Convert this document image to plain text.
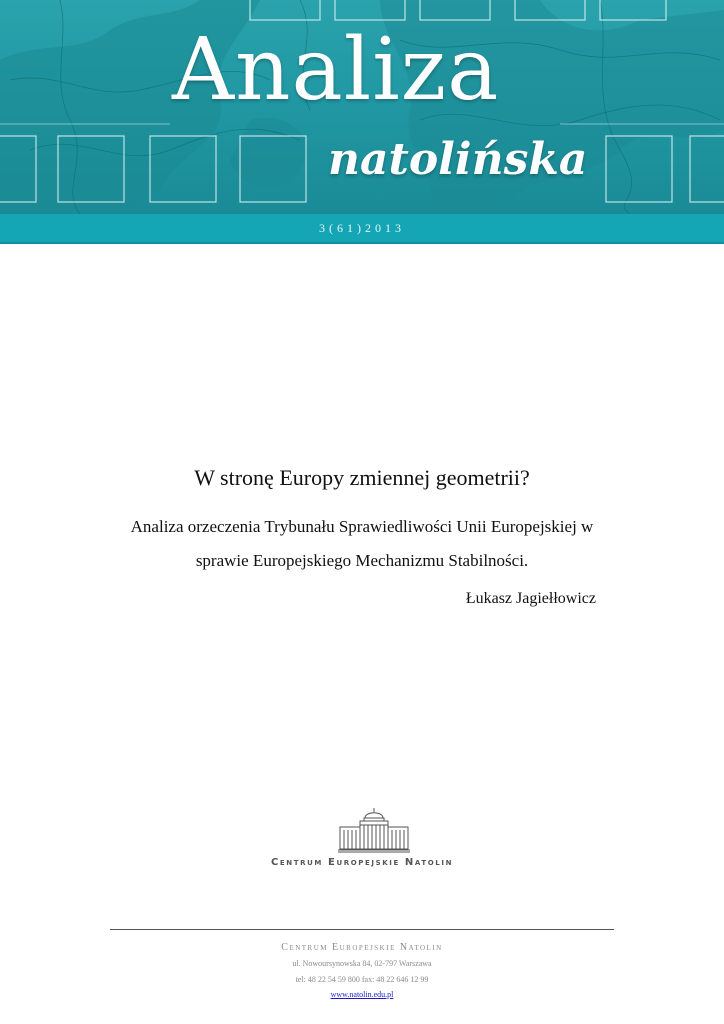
Analiza
natolińska
3(61)2013
W stronę Europy zmiennej geometrii?
Analiza orzeczenia Trybunału Sprawiedliwości Unii Europejskiej w sprawie Europejskiego Mechanizmu Stabilności.
Łukasz Jagiełłowicz
Centrum Europejskie Natolin
Centrum Europejskie Natolin
ul. Nowoursynowska 84, 02-797 Warszawa
tel: 48 22 54 59 800 fax: 48 22 646 12 99
www.natolin.edu.pl
